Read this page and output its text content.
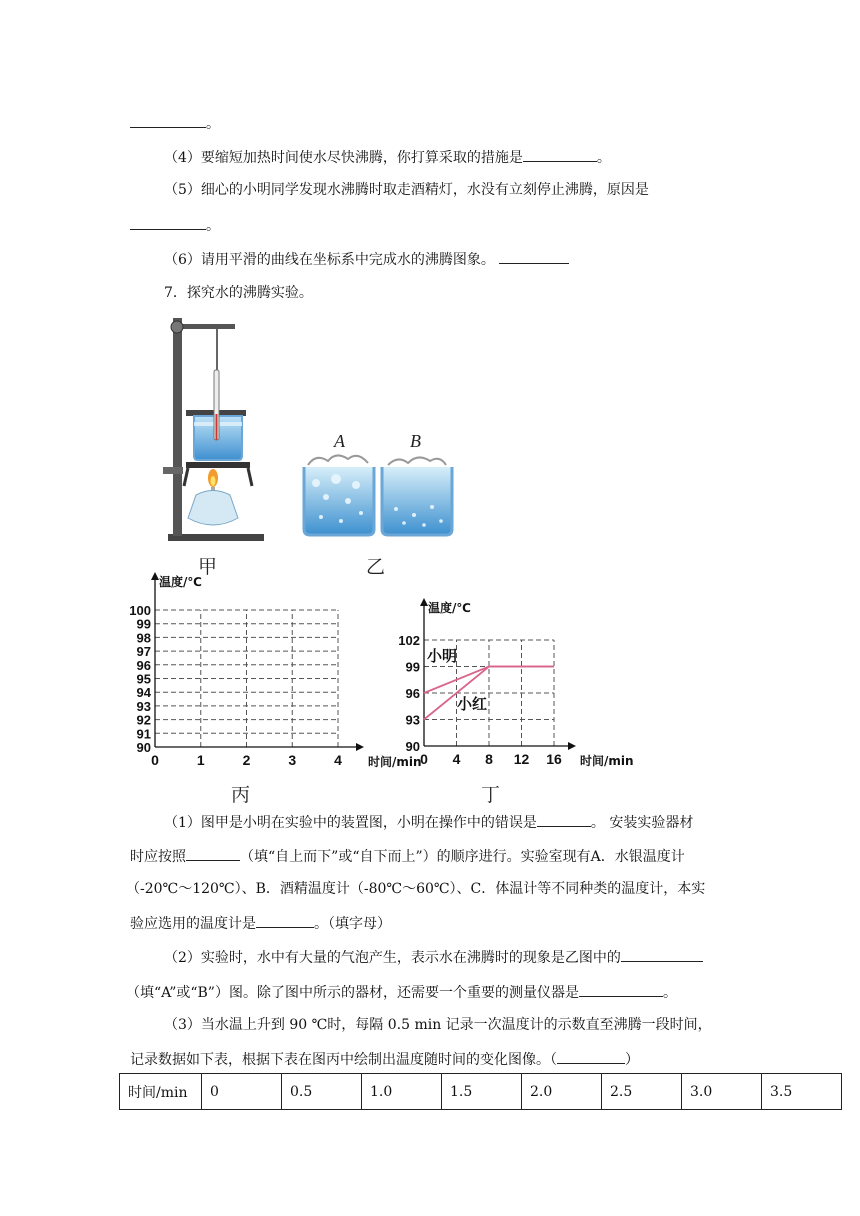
。
（4）要缩短加热时间使水尽快沸腾，你打算采取的措施是	。
（5）细心的小明同学发现水沸腾时取走酒精灯，水没有立刻停止沸腾，原因是
。
（6）请用平滑的曲线在坐标系中完成水的沸腾图象。
7．探究水的沸腾实验。
A	B
甲	乙
90
91
92
93
94
95
96
97
98
99
100
1	2	3	4
0	时间/min
温度/℃
90
93
96
99
102
4 8 12 16
0	时间/min
温度/℃
小明
小红
丙	丁
（1）图甲是小明在实验中的装置图，小明在操作中的错误是	。 安装实验器材
时应按照	（填“自上而下”或“自下而上”）的顺序进行。实验室现有A．水银温度计
（-20℃～120℃）、B．酒精温度计（-80℃～60℃）、C．体温计等不同种类的温度计，本实
验应选用的温度计是	。（填字母）
（2）实验时，水中有大量的气泡产生，表示水在沸腾时的现象是乙图中的
（填“A”或“B”）图。除了图中所示的器材，还需要一个重要的测量仪器是	。
（3）当水温上升到 90 ℃时，每隔 0.5 min 记录一次温度计的示数直至沸腾一段时间，
记录数据如下表，根据下表在图丙中绘制出温度随时间的变化图像。（	）
时间/min	0	0.5	1.0	1.5	2.0	2.5	3.0	3.5
